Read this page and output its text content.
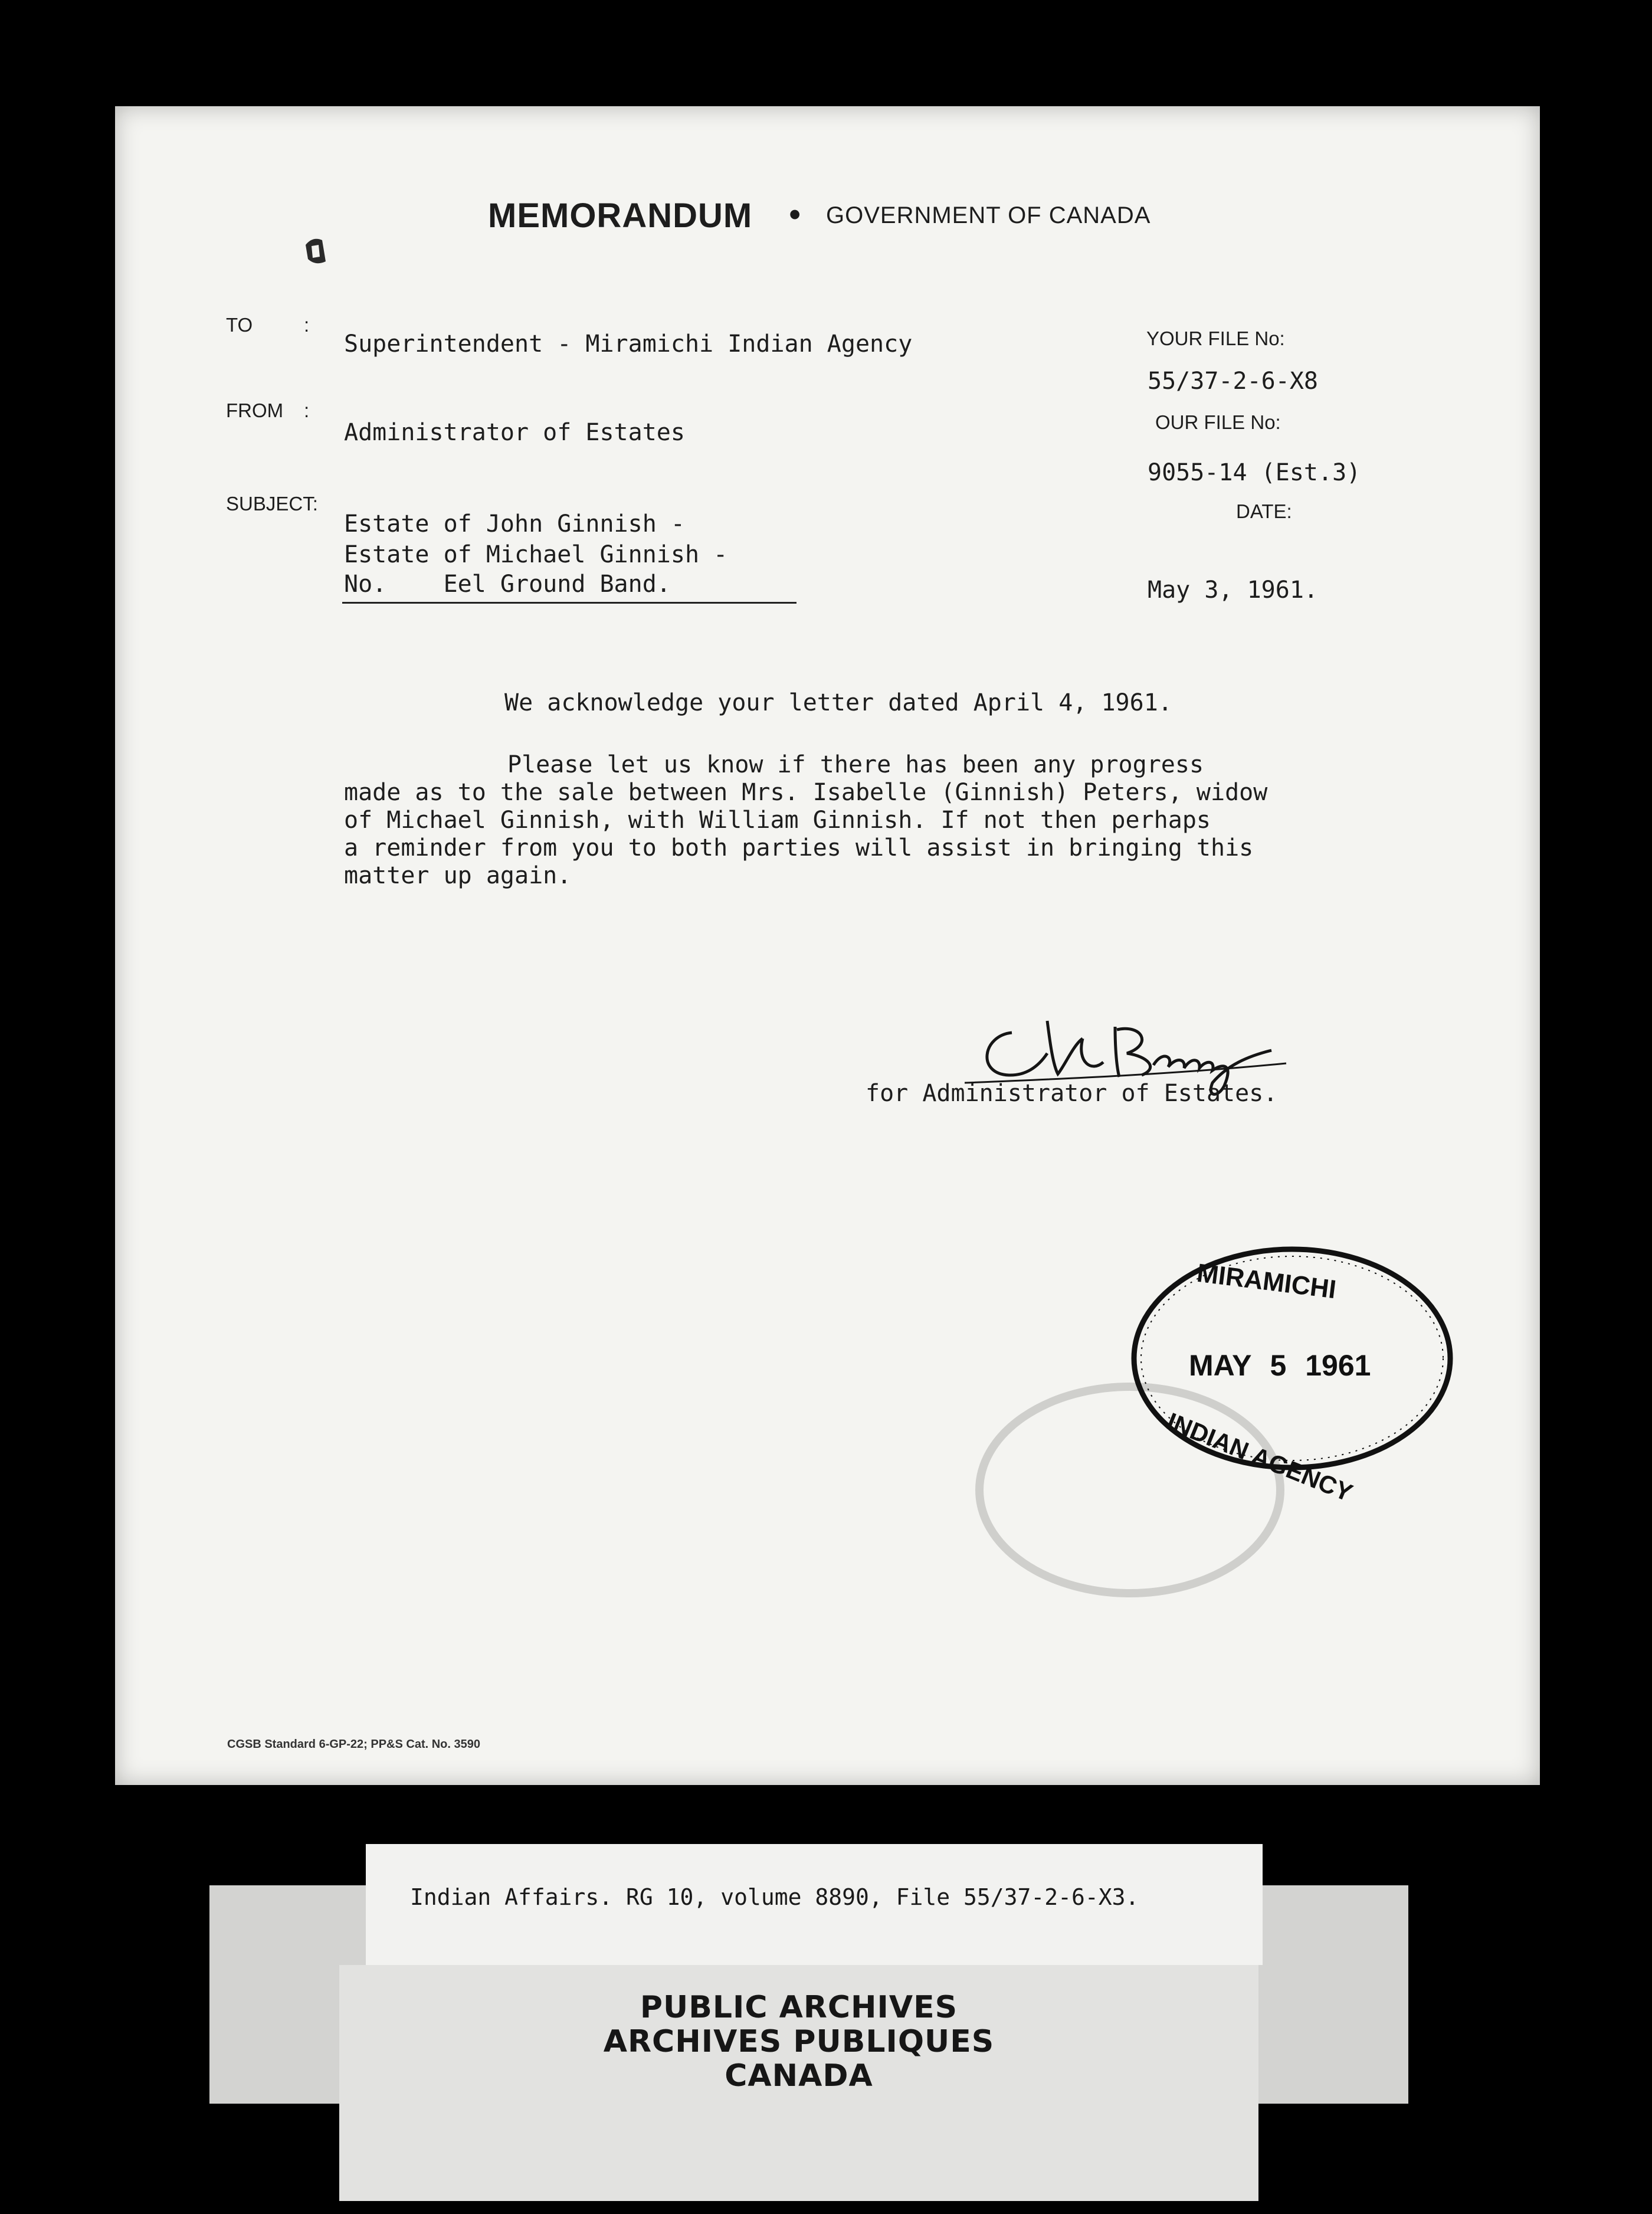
MEMORANDUM • GOVERNMENT OF CANADA
TO	:
FROM :
SUBJECT:
Superintendent - Miramichi Indian Agency
Administrator of Estates
Estate of John Ginnish -
Estate of Michael Ginnish -
No.    Eel Ground Band.
YOUR FILE No:
55/37-2-6-X8
OUR FILE No:
9055-14 (Est.3)
DATE:
May 3, 1961.
We acknowledge your letter dated April 4, 1961.
Please let us know if there has been any progress
made as to the sale between Mrs. Isabelle (Ginnish) Peters, widow
of Michael Ginnish, with William Ginnish. If not then perhaps
a reminder from you to both parties will assist in bringing this
matter up again.
for Administrator of Estates.
MIRAMICHI
MAY 5 1961
INDIAN AGENCY
CGSB Standard 6-GP-22; PP&S Cat. No. 3590
Indian Affairs. RG 10, volume 8890, File 55/37-2-6-X3.
PUBLIC ARCHIVES
ARCHIVES PUBLIQUES
CANADA
